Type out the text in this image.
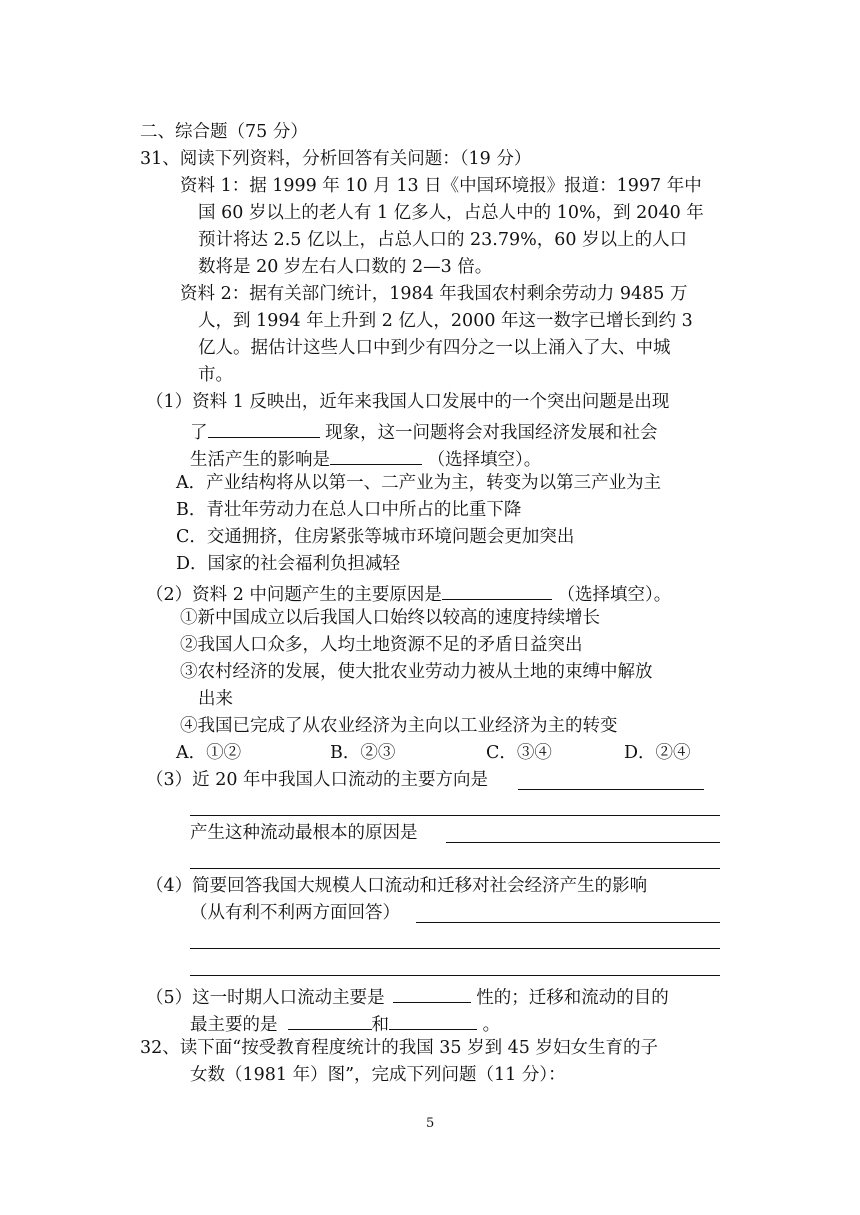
二、综合题（75 分）
31、阅读下列资料，分析回答有关问题：（19 分）
资料 1：据 1999 年 10 月 13 日《中国环境报》报道：1997 年中
国 60 岁以上的老人有 1 亿多人，占总人中的 10%，到 2040 年
预计将达 2.5 亿以上，占总人口的 23.79%，60 岁以上的人口
数将是 20 岁左右人口数的 2—3 倍。
资料 2：据有关部门统计，1984 年我国农村剩余劳动力 9485 万
人，到 1994 年上升到 2 亿人，2000 年这一数字已增长到约 3
亿人。据估计这些人口中到少有四分之一以上涌入了大、中城
市。
（1）资料 1 反映出，近年来我国人口发展中的一个突出问题是出现
了	现象，这一问题将会对我国经济发展和社会
生活产生的影响是	（选择填空）。
A．产业结构将从以第一、二产业为主，转变为以第三产业为主
B．青壮年劳动力在总人口中所占的比重下降
C．交通拥挤，住房紧张等城市环境问题会更加突出
D．国家的社会福利负担减轻
（2）资料 2 中问题产生的主要原因是	（选择填空）。
①新中国成立以后我国人口始终以较高的速度持续增长
②我国人口众多，人均土地资源不足的矛盾日益突出
③农村经济的发展，使大批农业劳动力被从土地的束缚中解放
出来
④我国已完成了从农业经济为主向以工业经济为主的转变
A．①②	B．②③	C．③④	D．②④
（3）近 20 年中我国人口流动的主要方向是
产生这种流动最根本的原因是
（4）简要回答我国大规模人口流动和迁移对社会经济产生的影响
（从有利不利两方面回答）
（5）这一时期人口流动主要是	性的；迁移和流动的目的
最主要的是	和	。
32、读下面“按受教育程度统计的我国 35 岁到 45 岁妇女生育的子
女数（1981 年）图”，完成下列问题（11 分）：
5
